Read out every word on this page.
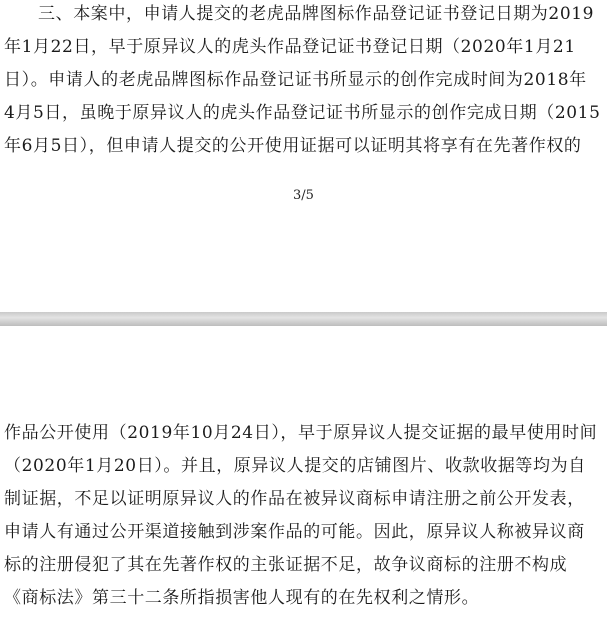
三、本案中，申请人提交的老虎品牌图标作品登记证书登记日期为2019
年1月22日，早于原异议人的虎头作品登记证书登记日期（2020年1月21
日）。申请人的老虎品牌图标作品登记证书所显示的创作完成时间为2018年
4月5日，虽晚于原异议人的虎头作品登记证书所显示的创作完成日期（2015
年6月5日），但申请人提交的公开使用证据可以证明其将享有在先著作权的
3/5
作品公开使用（2019年10月24日），早于原异议人提交证据的最早使用时间
（2020年1月20日）。并且，原异议人提交的店铺图片、收款收据等均为自
制证据，不足以证明原异议人的作品在被异议商标申请注册之前公开发表，
申请人有通过公开渠道接触到涉案作品的可能。因此，原异议人称被异议商
标的注册侵犯了其在先著作权的主张证据不足，故争议商标的注册不构成
《商标法》第三十二条所指损害他人现有的在先权利之情形。
